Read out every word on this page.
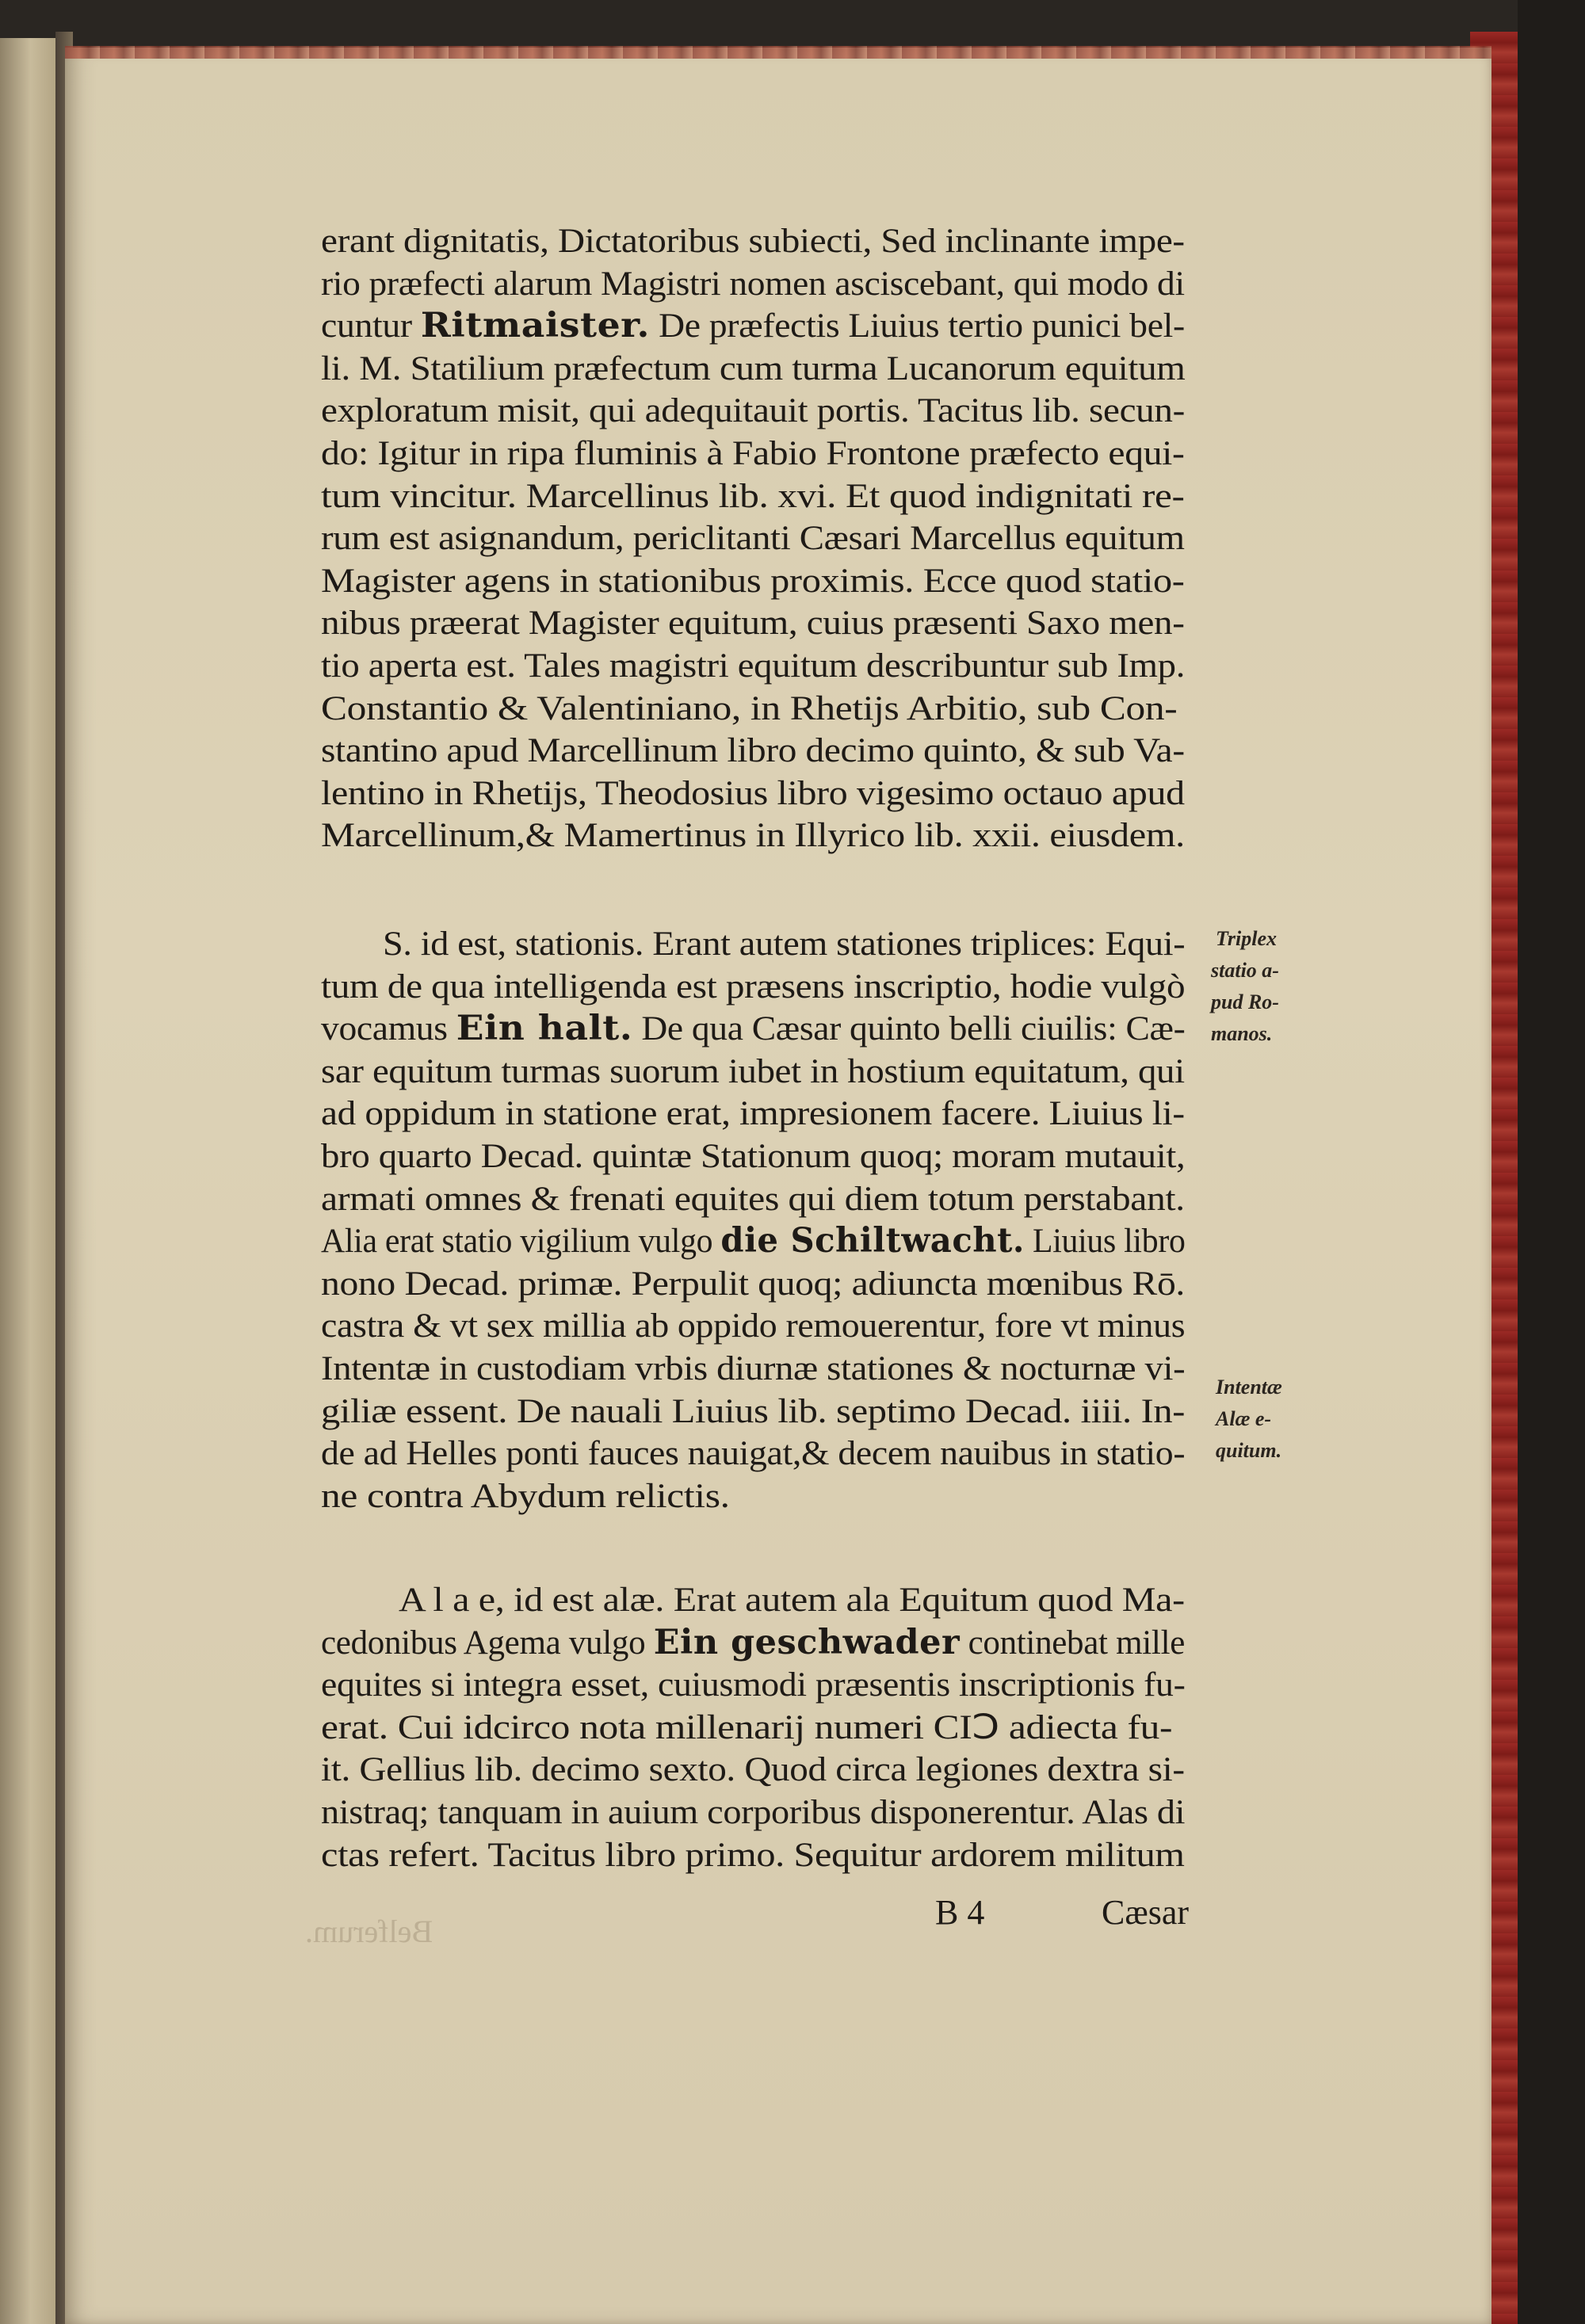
Belferum.
erant dignitatis, Dictatoribus subiecti, Sed inclinante impe-
rio præfecti alarum Magistri nomen asciscebant, qui modo di
cuntur Ritmaister. De præfectis Liuius tertio punici bel-
li. M. Statilium præfectum cum turma Lucanorum equitum
exploratum misit, qui adequitauit portis. Tacitus lib. secun-
do: Igitur in ripa fluminis à Fabio Frontone præfecto equi-
tum vincitur. Marcellinus lib. xvi. Et quod indignitati re-
rum est asignandum, periclitanti Cæsari Marcellus equitum
Magister agens in stationibus proximis. Ecce quod statio-
nibus præerat Magister equitum, cuius præsenti Saxo men-
tio aperta est. Tales magistri equitum describuntur sub Imp.
Constantio & Valentiniano, in Rhetijs Arbitio, sub Con-
stantino apud Marcellinum libro decimo quinto, & sub Va-
lentino in Rhetijs, Theodosius libro vigesimo octauo apud
Marcellinum,& Mamertinus in Illyrico lib. xxii. eiusdem.
S. id est, stationis. Erant autem stationes triplices: Equi-
tum de qua intelligenda est præsens inscriptio, hodie vulgò
vocamus Ein halt. De qua Cæsar quinto belli ciuilis: Cæ-
sar equitum turmas suorum iubet in hostium equitatum, qui
ad oppidum in statione erat, impresionem facere. Liuius li-
bro quarto Decad. quintæ Stationum quoq; moram mutauit,
armati omnes & frenati equites qui diem totum perstabant.
Alia erat statio vigilium vulgo die Schiltwacht. Liuius libro
nono Decad. primæ. Perpulit quoq; adiuncta mœnibus Rō.
castra & vt sex millia ab oppido remouerentur, fore vt minus
Intentæ in custodiam vrbis diurnæ stationes & nocturnæ vi-
giliæ essent. De nauali Liuius lib. septimo Decad. iiii. In-
de ad Helles ponti fauces nauigat,& decem nauibus in statio-
ne contra Abydum relictis.
A l a e, id est alæ. Erat autem ala Equitum quod Ma-
cedonibus Agema vulgo Ein geschwader continebat mille
equites si integra esset, cuiusmodi præsentis inscriptionis fu-
erat. Cui idcirco nota millenarij numeri CIↃ adiecta fu-
it. Gellius lib. decimo sexto. Quod circa legiones dextra si-
nistraq; tanquam in auium corporibus disponerentur. Alas di
ctas refert. Tacitus libro primo. Sequitur ardorem militum
Triplex
statio a-
pud Ro-
manos.
Intentæ
Alæ e-
quitum.
B 4	Cæsar
